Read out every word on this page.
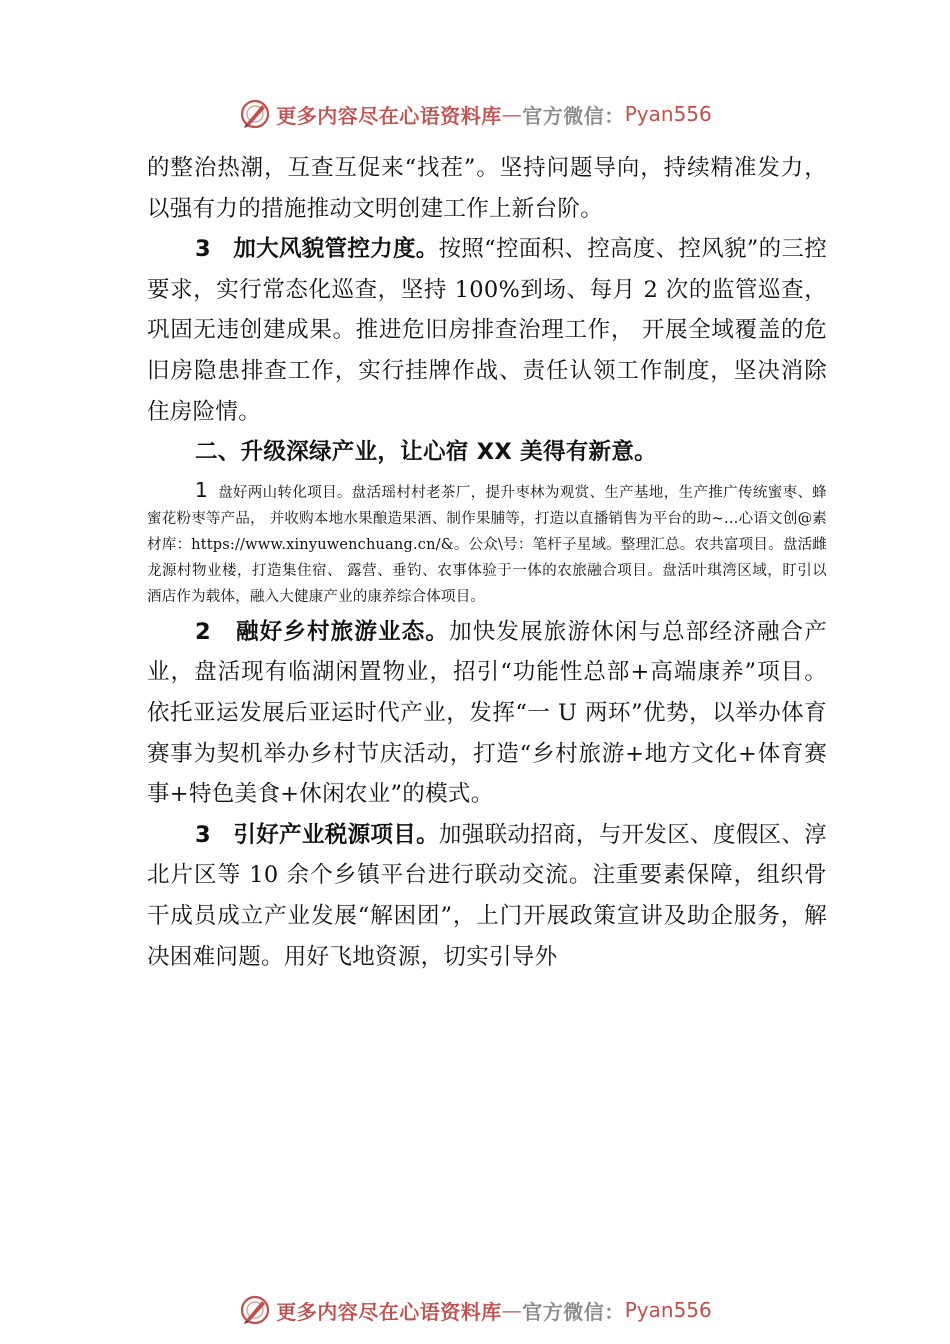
更多内容尽在心语资料库 — 官方微信： Pyan556

的整治热潮，互查互促来“找茬”。坚持问题导向，持续精准发力，以强有力的措施推动文明创建工作上新台阶。

3 加大风貌管控力度。按照“控面积、控高度、控风貌”的三控要求，实行常态化巡查，坚持 100%到场、每月 2 次的监管巡查，巩固无违创建成果。推进危旧房排查治理工作， 开展全域覆盖的危旧房隐患排查工作，实行挂牌作战、责任认领工作制度，坚决消除住房险情。

二、升级深绿产业，让心宿 XX 美得有新意。

1 盘好两山转化项目。盘活瑶村村老茶厂，提升枣林为观赏、生产基地，生产推广传统蜜枣、蜂蜜花粉枣等产品， 并收购本地水果酿造果酒、制作果脯等，打造以直播销售为平台的助~…心语文创@素材库：https://www.xinyuwenchuang.cn/&。公众\号：笔杆子星域。整理汇总。农共富项目。盘活雌龙源村物业楼，打造集住宿、 露营、垂钓、农事体验于一体的农旅融合项目。盘活叶琪湾区域，盯引以酒店作为载体，融入大健康产业的康养综合体项目。

2 融好乡村旅游业态。加快发展旅游休闲与总部经济融合产业，盘活现有临湖闲置物业，招引“功能性总部+高端康养”项目。依托亚运发展后亚运时代产业，发挥“一 U 两环”优势，以举办体育赛事为契机举办乡村节庆活动，打造“乡村旅游+地方文化+体育赛事+特色美食+休闲农业”的模式。

3 引好产业税源项目。加强联动招商，与开发区、度假区、淳北片区等 10 余个乡镇平台进行联动交流。注重要素保障，组织骨干成员成立产业发展“解困团”，上门开展政策宣讲及助企服务，解决困难问题。用好飞地资源，切实引导外

更多内容尽在心语资料库 — 官方微信： Pyan556
